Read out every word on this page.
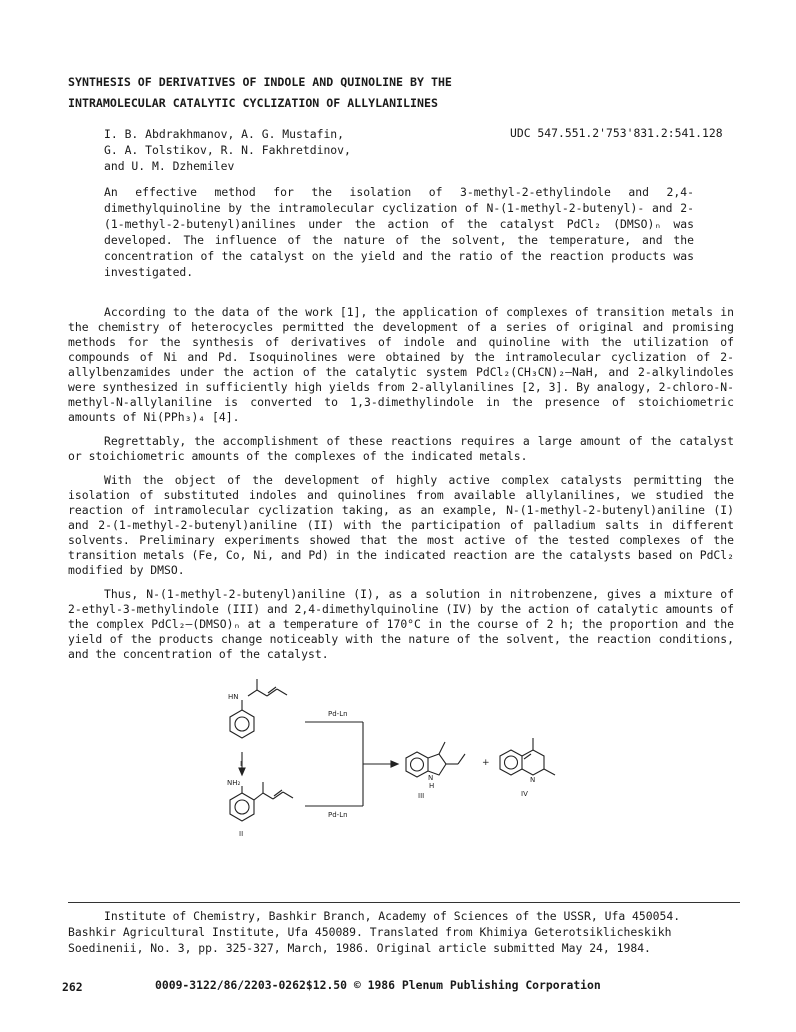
SYNTHESIS OF DERIVATIVES OF INDOLE AND QUINOLINE BY THE
INTRAMOLECULAR CATALYTIC CYCLIZATION OF ALLYLANILINES
I. B. Abdrakhmanov, A. G. Mustafin,
G. A. Tolstikov, R. N. Fakhretdinov,
and U. M. Dzhemilev
UDC 547.551.2'753'831.2:541.128
An effective method for the isolation of 3-methyl-2-ethylindole and 2,4-dimethylquinoline by the intramolecular cyclization of N-(1-methyl-2-butenyl)- and 2-(1-methyl-2-butenyl)anilines under the action of the catalyst PdCl₂ (DMSO)ₙ was developed. The influence of the nature of the solvent, the temperature, and the concentration of the catalyst on the yield and the ratio of the reaction products was investigated.

According to the data of the work [1], the application of complexes of transition metals in the chemistry of heterocycles permitted the development of a series of original and promising methods for the synthesis of derivatives of indole and quinoline with the utilization of compounds of Ni and Pd. Isoquinolines were obtained by the intramolecular cyclization of 2-allylbenzamides under the action of the catalytic system PdCl₂(CH₃CN)₂–NaH, and 2-alkylindoles were synthesized in sufficiently high yields from 2-allylanilines [2, 3]. By analogy, 2-chloro-N-methyl-N-allylaniline is converted to 1,3-dimethylindole in the presence of stoichiometric amounts of Ni(PPh₃)₄ [4].

Regrettably, the accomplishment of these reactions requires a large amount of the catalyst or stoichiometric amounts of the complexes of the indicated metals.

With the object of the development of highly active complex catalysts permitting the isolation of substituted indoles and quinolines from available allylanilines, we studied the reaction of intramolecular cyclization taking, as an example, N-(1-methyl-2-butenyl)aniline (I) and 2-(1-methyl-2-butenyl)aniline (II) with the participation of palladium salts in different solvents. Preliminary experiments showed that the most active of the tested complexes of the transition metals (Fe, Co, Ni, and Pd) in the indicated reaction are the catalysts based on PdCl₂ modified by DMSO.

Thus, N-(1-methyl-2-butenyl)aniline (I), as a solution in nitrobenzene, gives a mixture of 2-ethyl-3-methylindole (III) and 2,4-dimethylquinoline (IV) by the action of catalytic amounts of the complex PdCl₂–(DMSO)ₙ at a temperature of 170°C in the course of 2 h; the proportion and the yield of the products change noticeably with the nature of the solvent, the reaction conditions, and the concentration of the catalyst.

HN
NH₂
I
II
Pd-Ln
Pd-Ln
N
H
III
+
N
IV
Institute of Chemistry, Bashkir Branch, Academy of Sciences of the USSR, Ufa 450054.
Bashkir Agricultural Institute, Ufa 450089. Translated from Khimiya Geterotsiklicheskikh Soedinenii, No. 3, pp. 325-327, March, 1986. Original article submitted May 24, 1984.
262	0009-3122/86/2203-0262$12.50 © 1986 Plenum Publishing Corporation
